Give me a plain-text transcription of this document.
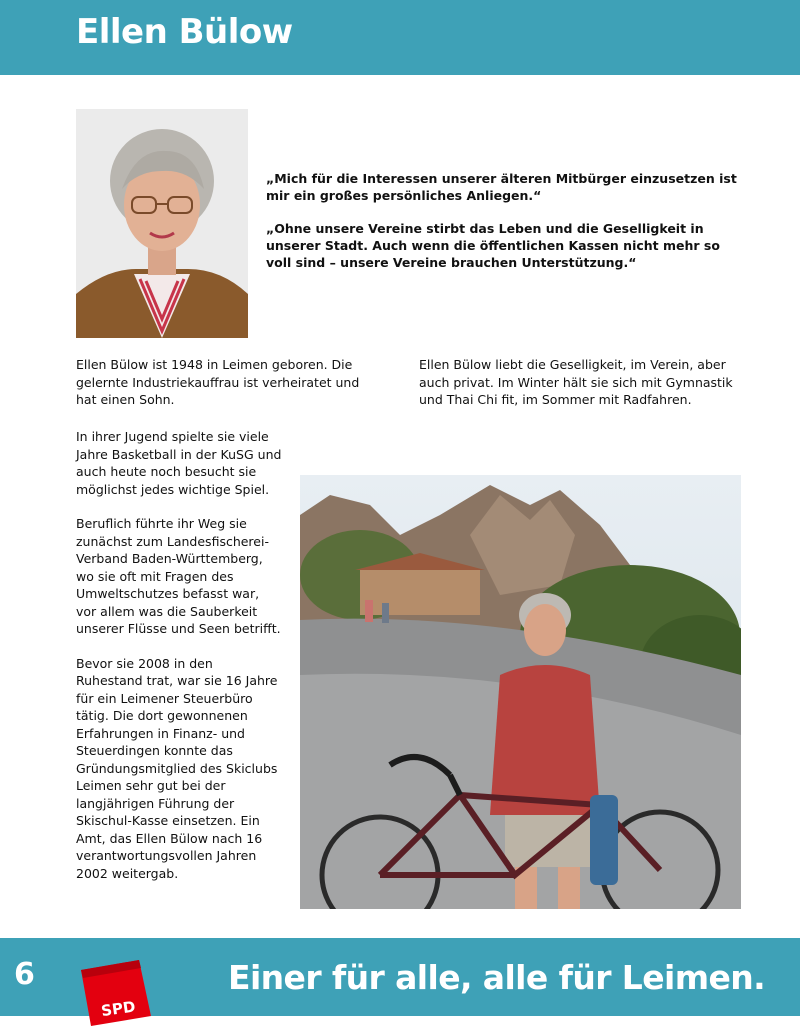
Ellen Bülow

„Mich für die Interessen unserer älteren Mitbürger einzusetzen ist mir ein großes persönliches Anliegen.“

„Ohne unsere Vereine stirbt das Leben und die Geselligkeit in unserer Stadt. Auch wenn die öffentlichen Kassen nicht mehr so voll sind – unsere Vereine brauchen Unterstützung.“

Ellen Bülow ist 1948 in Leimen geboren. Die gelernte Industriekauffrau ist verheiratet und hat einen Sohn.

Ellen Bülow liebt die Geselligkeit, im Verein, aber auch privat. Im Winter hält sie sich mit Gymnastik und Thai Chi fit, im Sommer mit Radfahren.

In ihrer Jugend spielte sie viele Jahre Basketball in der KuSG und auch heute noch besucht sie möglichst jedes wichtige Spiel.

Beruflich führte ihr Weg sie zunächst zum Landesfischerei-Verband Baden-Württemberg, wo sie oft mit Fragen des Umweltschutzes befasst war, vor allem was die Sauberkeit unserer Flüsse und Seen betrifft.

Bevor sie 2008 in den Ruhestand trat, war sie 16 Jahre für ein Leimener Steuerbüro tätig. Die dort gewonnenen Erfahrungen in Finanz- und Steuerdingen konnte das Gründungsmitglied des Skiclubs Leimen sehr gut bei der langjährigen Führung der Skischul-Kasse einsetzen. Ein Amt, das Ellen Bülow nach 16 verantwortungsvollen Jahren 2002 weitergab.

6
SPD
Einer für alle, alle für Leimen.
